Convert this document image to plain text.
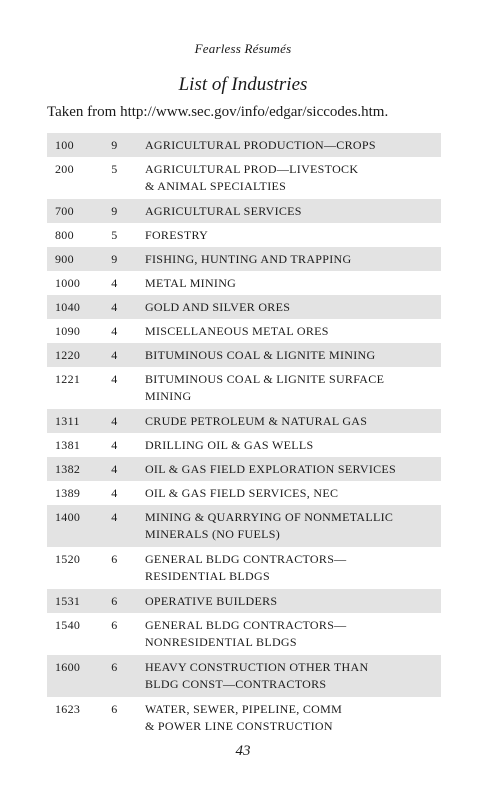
Fearless Résumés
List of Industries
Taken from http://www.sec.gov/info/edgar/siccodes.htm.
100	9	AGRICULTURAL PRODUCTION—CROPS

200	5	AGRICULTURAL PROD—LIVESTOCK
& ANIMAL SPECIALTIES

700	9	AGRICULTURAL SERVICES

800	5	FORESTRY

900	9	FISHING, HUNTING AND TRAPPING

1000	4	METAL MINING

1040	4	GOLD AND SILVER ORES

1090	4	MISCELLANEOUS METAL ORES

1220	4	BITUMINOUS COAL & LIGNITE MINING

1221	4	BITUMINOUS COAL & LIGNITE SURFACE
MINING

1311	4	CRUDE PETROLEUM & NATURAL GAS

1381	4	DRILLING OIL & GAS WELLS

1382	4	OIL & GAS FIELD EXPLORATION SERVICES

1389	4	OIL & GAS FIELD SERVICES, NEC

1400	4	MINING & QUARRYING OF NONMETALLIC
MINERALS (NO FUELS)

1520	6	GENERAL BLDG CONTRACTORS—
RESIDENTIAL BLDGS

1531	6	OPERATIVE BUILDERS

1540	6	GENERAL BLDG CONTRACTORS—
NONRESIDENTIAL BLDGS

1600	6	HEAVY CONSTRUCTION OTHER THAN
BLDG CONST—CONTRACTORS

1623	6	WATER, SEWER, PIPELINE, COMM
& POWER LINE CONSTRUCTION
43
